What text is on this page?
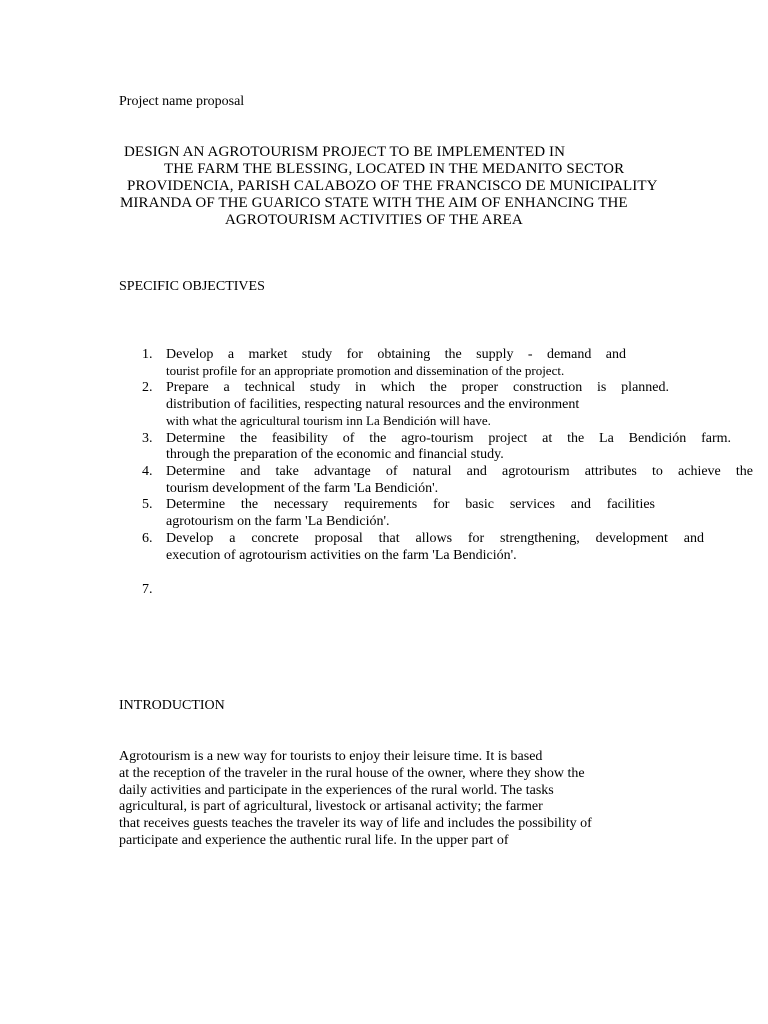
Project name proposal
DESIGN AN AGROTOURISM PROJECT TO BE IMPLEMENTED IN
THE FARM THE BLESSING, LOCATED IN THE MEDANITO SECTOR
PROVIDENCIA, PARISH CALABOZO OF THE FRANCISCO DE MUNICIPALITY
MIRANDA OF THE GUARICO STATE WITH THE AIM OF ENHANCING THE
AGROTOURISM ACTIVITIES OF THE AREA
SPECIFIC OBJECTIVES
1. Develop a market study for obtaining the supply - demand and
tourist profile for an appropriate promotion and dissemination of the project.
2. Prepare a technical study in which the proper construction is planned.
distribution of facilities, respecting natural resources and the environment
with what the agricultural tourism inn La Bendición will have.
3. Determine the feasibility of the agro-tourism project at the La Bendición farm.
through the preparation of the economic and financial study.
4. Determine and take advantage of natural and agrotourism attributes to achieve the
tourism development of the farm 'La Bendición'.
5. Determine the necessary requirements for basic services and facilities
agrotourism on the farm 'La Bendición'.
6. Develop a concrete proposal that allows for strengthening, development and
execution of agrotourism activities on the farm 'La Bendición'.
7.
INTRODUCTION
Agrotourism is a new way for tourists to enjoy their leisure time. It is based
at the reception of the traveler in the rural house of the owner, where they show the
daily activities and participate in the experiences of the rural world. The tasks
agricultural, is part of agricultural, livestock or artisanal activity; the farmer
that receives guests teaches the traveler its way of life and includes the possibility of
participate and experience the authentic rural life. In the upper part of
